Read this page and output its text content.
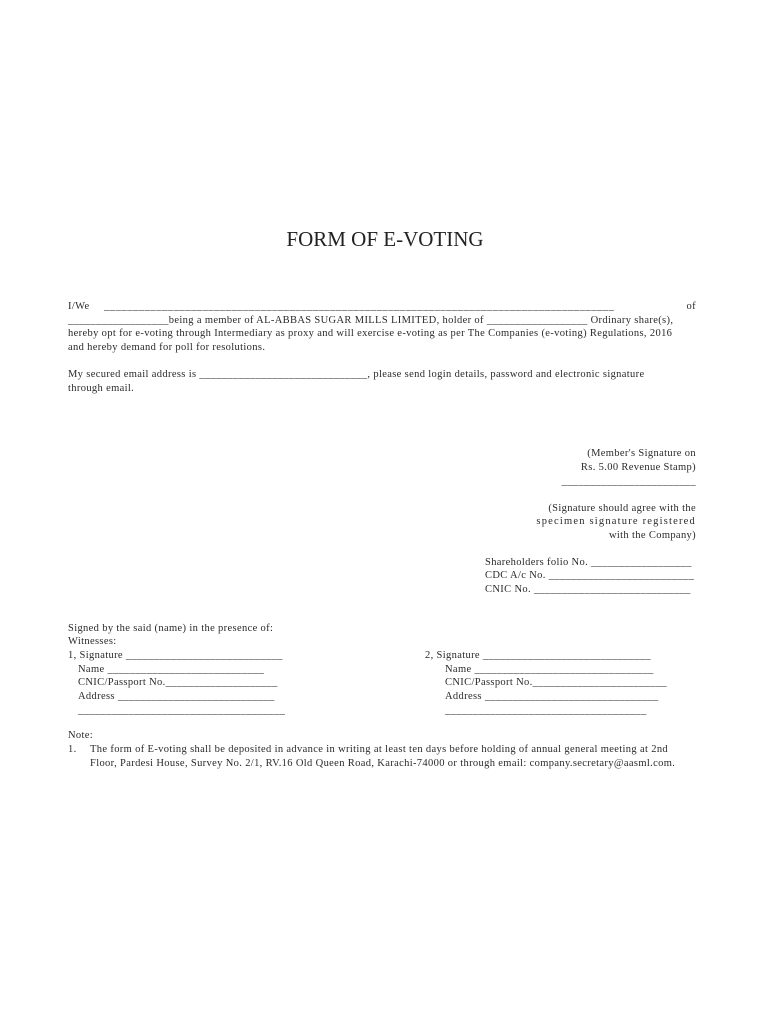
FORM OF E-VOTING
I/We ________________________________________________________________________________________	of
__________________being a member of AL-ABBAS SUGAR MILLS LIMITED, holder of __________________ Ordinary share(s),
hereby opt for e-voting through Intermediary as proxy and will exercise e-voting as per The Companies (e-voting) Regulations, 2016
and hereby demand for poll for resolutions.
My secured email address is ______________________________, please send login details, password and electronic signature
through email.
(Member's Signature on
Rs. 5.00 Revenue Stamp)
________________________
(Signature should agree with the
specimen signature registered
with the Company)
Shareholders folio No. __________________
CDC A/c No. __________________________
CNIC No. ____________________________
Signed by the said (name) in the presence of:
Witnesses:
1, Signature ____________________________
Name ____________________________
CNIC/Passport No.____________________
Address ____________________________
_____________________________________
2, Signature ______________________________
Name ________________________________
CNIC/Passport No.________________________
Address _______________________________
____________________________________
Note:
1. The form of E-voting shall be deposited in advance in writing at least ten days before holding of annual general meeting at 2nd
Floor, Pardesi House, Survey No. 2/1, RV.16 Old Queen Road, Karachi-74000 or through email: company.secretary@aasml.com.
